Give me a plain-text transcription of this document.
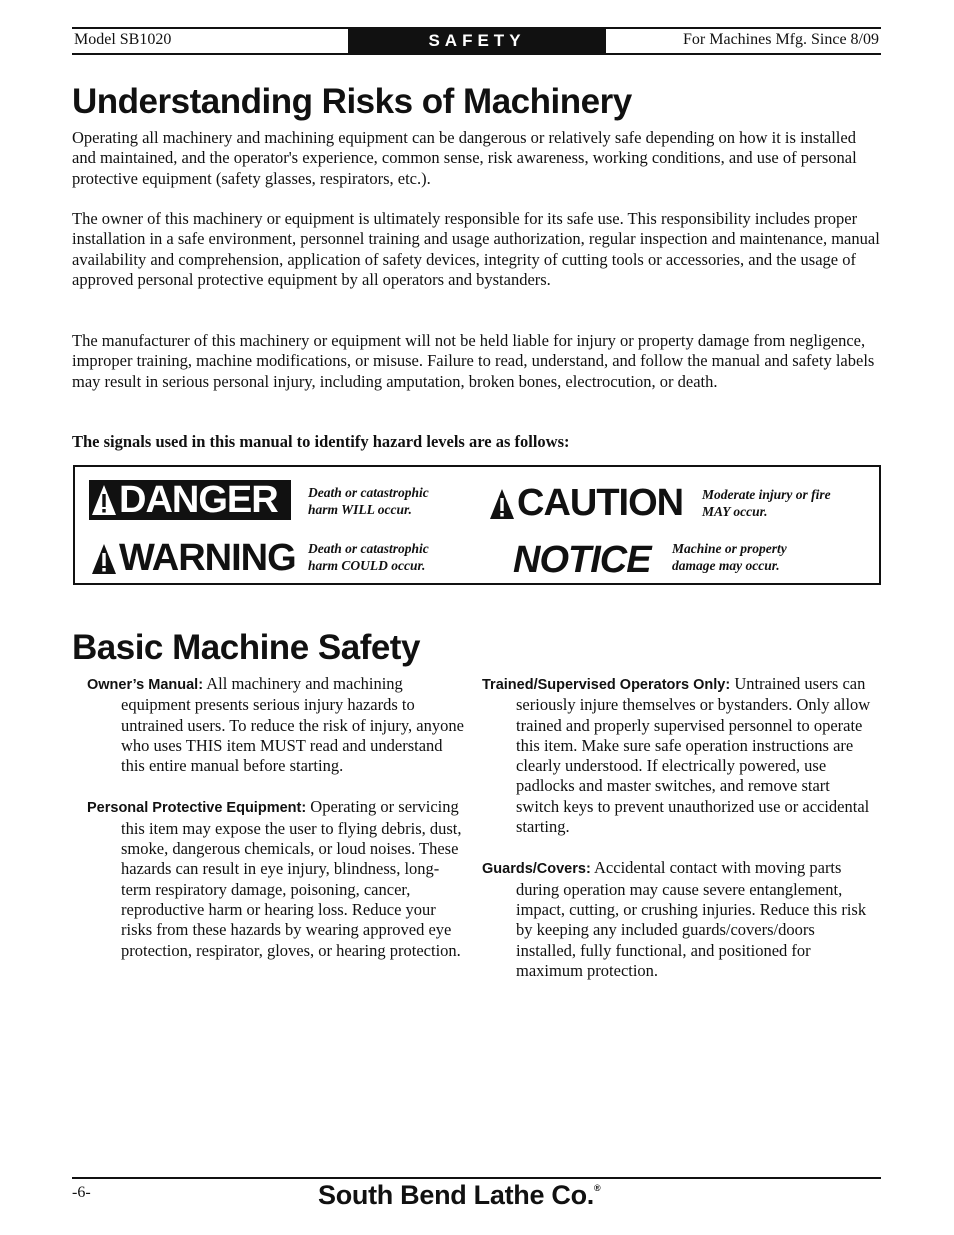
Model SB1020	SAFETY	For Machines Mfg. Since 8/09
Understanding Risks of Machinery

Operating all machinery and machining equipment can be dangerous or relatively safe depending on how it is installed and maintained, and the operator's experience, common sense, risk awareness, working conditions, and use of personal protective equipment (safety glasses, respirators, etc.).

The owner of this machinery or equipment is ultimately responsible for its safe use. This responsibility includes proper installation in a safe environment, personnel training and usage authorization, regular inspection and maintenance, manual availability and comprehension, application of safety devices, integrity of cutting tools or accessories, and the usage of approved personal protective equipment by all operators and bystanders.

The manufacturer of this machinery or equipment will not be held liable for injury or property damage from negligence, improper training, machine modifications, or misuse. Failure to read, understand, and follow the manual and safety labels may result in serious personal injury, including amputation, broken bones, electrocution, or death.

The signals used in this manual to identify hazard levels are as follows:

DANGER Death or catastrophic
harm WILL occur.
WARNING Death or catastrophic
harm COULD occur.
CAUTION Moderate injury or fire
MAY occur.
NOTICE Machine or property
damage may occur.
Basic Machine Safety

Owner’s Manual: All machinery and machining equipment presents serious injury hazards to untrained users. To reduce the risk of injury, anyone who uses THIS item MUST read and understand this entire manual before starting.

Personal Protective Equipment: Operating or servicing this item may expose the user to flying debris, dust, smoke, dangerous chemicals, or loud noises. These hazards can result in eye injury, blindness, long-term respiratory damage, poisoning, cancer, reproductive harm or hearing loss. Reduce your risks from these hazards by wearing approved eye protection, respirator, gloves, or hearing protection.

Trained/Supervised Operators Only: Untrained users can seriously injure themselves or bystanders. Only allow trained and properly supervised personnel to operate this item. Make sure safe operation instructions are clearly understood. If electrically powered, use padlocks and master switches, and remove start switch keys to prevent unauthorized use or accidental starting.

Guards/Covers: Accidental contact with moving parts during operation may cause severe entanglement, impact, cutting, or crushing injuries. Reduce this risk by keeping any included guards/covers/doors installed, fully functional, and positioned for maximum protection.

-6-	South Bend Lathe Co.®
